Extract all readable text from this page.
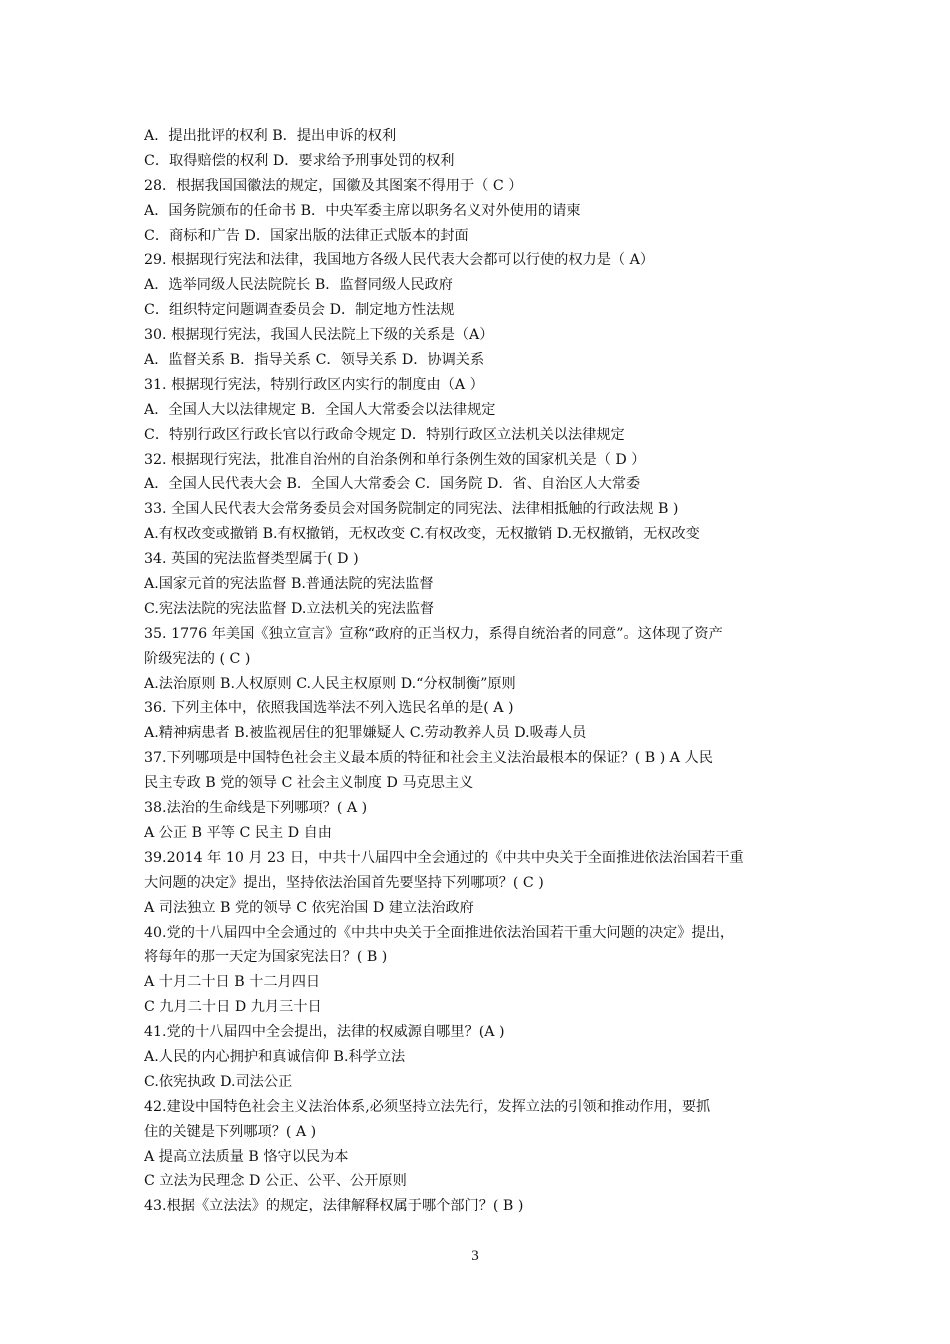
A．提出批评的权利 B．提出申诉的权利
C．取得赔偿的权利 D．要求给予刑事处罚的权利
28．根据我国国徽法的规定，国徽及其图案不得用于（ C ）
A．国务院颁布的任命书 B．中央军委主席以职务名义对外使用的请柬
C．商标和广告 D．国家出版的法律正式版本的封面
29. 根据现行宪法和法律，我国地方各级人民代表大会都可以行使的权力是（ A）
A．选举同级人民法院院长 B．监督同级人民政府
C．组织特定问题调查委员会 D．制定地方性法规
30. 根据现行宪法，我国人民法院上下级的关系是（A）
A．监督关系 B．指导关系 C．领导关系 D．协调关系
31. 根据现行宪法，特别行政区内实行的制度由（A ）
A．全国人大以法律规定 B．全国人大常委会以法律规定
C．特别行政区行政长官以行政命令规定 D．特别行政区立法机关以法律规定
32. 根据现行宪法，批准自治州的自治条例和单行条例生效的国家机关是（ D ）
A．全国人民代表大会 B．全国人大常委会 C．国务院 D．省、自治区人大常委
33. 全国人民代表大会常务委员会对国务院制定的同宪法、法律相抵触的行政法规 B )
A.有权改变或撤销 B.有权撤销，无权改变 C.有权改变，无权撤销 D.无权撤销，无权改变
34. 英国的宪法监督类型属于( D )
A.国家元首的宪法监督 B.普通法院的宪法监督
C.宪法法院的宪法监督 D.立法机关的宪法监督
35. 1776 年美国《独立宣言》宣称“政府的正当权力，系得自统治者的同意”。这体现了资产
阶级宪法的 ( C )
A.法治原则 B.人权原则 C.人民主权原则 D.“分权制衡”原则
36. 下列主体中，依照我国选举法不列入选民名单的是( A )
A.精神病患者 B.被监视居住的犯罪嫌疑人 C.劳动教养人员 D.吸毒人员
37.下列哪项是中国特色社会主义最本质的特征和社会主义法治最根本的保证？( B ) A 人民
民主专政 B 党的领导 C 社会主义制度 D 马克思主义
38.法治的生命线是下列哪项？( A )
A 公正 B 平等 C 民主 D 自由
39.2014 年 10 月 23 日，中共十八届四中全会通过的《中共中央关于全面推进依法治国若干重
大问题的决定》提出，坚持依法治国首先要坚持下列哪项？( C )
A 司法独立 B 党的领导 C 依宪治国 D 建立法治政府
40.党的十八届四中全会通过的《中共中央关于全面推进依法治国若干重大问题的决定》提出，
将每年的那一天定为国家宪法日？( B )
A 十月二十日 B 十二月四日
C 九月二十日 D 九月三十日
41.党的十八届四中全会提出，法律的权威源自哪里？(A )
A.人民的内心拥护和真诚信仰 B.科学立法
C.依宪执政 D.司法公正
42.建设中国特色社会主义法治体系,必须坚持立法先行，发挥立法的引领和推动作用，要抓
住的关键是下列哪项？( A )
A 提高立法质量 B 恪守以民为本
C 立法为民理念 D 公正、公平、公开原则
43.根据《立法法》的规定，法律解释权属于哪个部门？( B )
3
